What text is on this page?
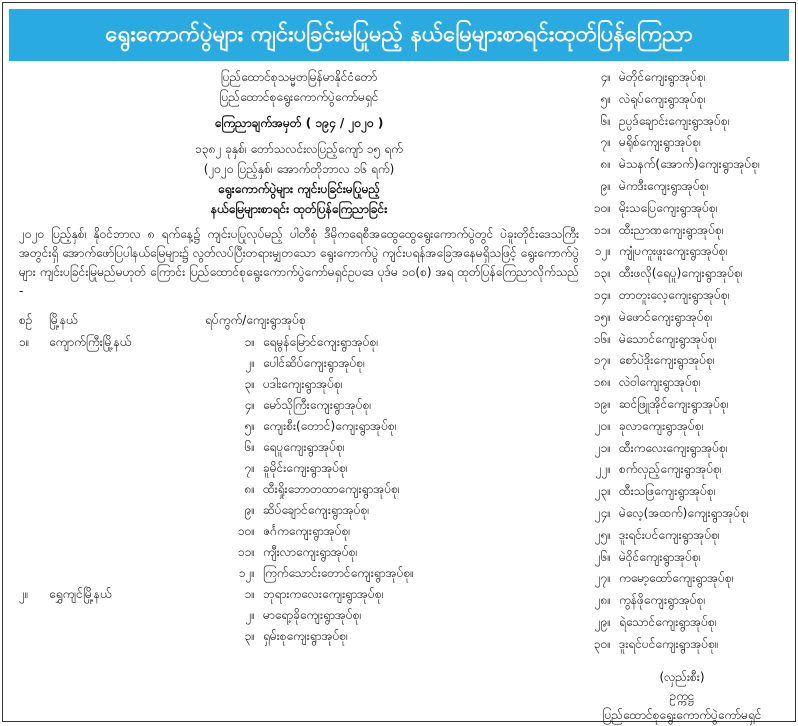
ရွေးကောက်ပွဲများ ကျင်းပခြင်းမပြုမည့် နယ်မြေများစာရင်းထုတ်ပြန်ကြေညာ
ပြည်ထောင်စုသမ္မတမြန်မာနိုင်ငံတော်
ပြည်ထောင်စုရွေးကောက်ပွဲကော်မရှင်
ကြေညာချက်အမှတ် ( ၁၉၄ / ၂၀၂၀ )
၁၃၈၂ ခုနှစ်၊ တော်သလင်းလပြည့်ကျော် ၁၅ ရက်
(၂၀၂၀ ပြည့်နှစ်၊ အောက်တိုဘာလ ၁၆ ရက်)
ရွေးကောက်ပွဲများ ကျင်းပခြင်းမပြုမည့်
နယ်မြေများစာရင်း ထုတ်ပြန်ကြေညာခြင်း
၂၀၂၀ ပြည့်နှစ်၊ နိုဝင်ဘာလ ၈ ရက်နေ့၌ ကျင်းပပြုလုပ်မည့် ပါတီစုံ ဒီမိုကရေစီအထွေထွေရွေးကောက်ပွဲတွင် ပဲခူးတိုင်းဒေသကြီးအတွင်းရှိ အောက်ဖော်ပြပါနယ်မြေများ၌ လွတ်လပ်ပြီးတရားမျှတသော ရွေးကောက်ပွဲ ကျင်းပရန်အခြေအနေမရှိသဖြင့် ရွေးကောက်ပွဲများ ကျင်းပခြင်းမြုမည်မဟုတ် ကြောင်း ပြည်ထောင်စုရွေးကောက်ပွဲကော်မရှင်ဥပဒေ ပုဒ်မ ၁၀(စ) အရ ထုတ်ပြန်ကြေညာလိုက်သည် -
စဉ်	မြို့နယ်	ရပ်ကွက်/ကျေးရွာအုပ်စု
၁။	ကျောက်ကြီးမြို့နယ်	၁။ ရေမွန်မြောင်ကျေးရွာအုပ်စု၊
၂။ ပေါင်ဆိပ်ကျေးရွာအုပ်စု၊
၃။ ပဒါးကျေးရွာအုပ်စု၊
၄။ မော်သိုကြီးကျေးရွာအုပ်စု၊
၅။ ကျေးစီး(တောင်)ကျေးရွာအုပ်စု၊
၆။ ရေပူကျေးရွာအုပ်စု၊
၇။ ခူမိုင်းကျေးရွာအုပ်စု၊
၈။ ထီးရှိုးဘောတထာကျေးရွာအုပ်စု၊
၉။ ဆိပ်ချောင်ကျေးရွာအုပ်စု၊
၁၀။ ဇင်္ဂကကျေးရွာအုပ်စု၊
၁၁။ ကျီးလာကျေးရွာအုပ်စု၊
၁၂။ ကြက်သောင်းတောင်ကျေးရွာအုပ်စု။
၂။	ရွှေကျင်မြို့နယ်	၁။ ဘုရားကလေးကျေးရွာအုပ်စု၊
၂။ မာရော့ခိုကျေးရွာအုပ်စု၊
၃။ ရှမ်းစုကျေးရွာအုပ်စု၊
၄။ မဲတိုင်ကျေးရွာအုပ်စု၊
၅။ လဲရုပ်ကျေးရွာအုပ်စု၊
၆။ ဥပ္ပဒ်ချောင်းကျေးရွာအုပ်စု၊
၇။ မရိုစ်ကျေးရွာအုပ်စု၊
၈။ မဲသနက်(အောက်)ကျေးရွာအုပ်စု၊
၉။ မဲကဒီးကျေးရွာအုပ်စု၊
၁၀။ မိုးသပြေကျေးရွာအုပ်စု၊
၁၁။ ထီးညာဏကျေးရွာအုပ်စု၊
၁၂။ ကျုံပကူးဖူးကျေးရွာအုပ်စု၊
၁၃။ ထီးဖလို(ရေပူ)ကျေးရွာအုပ်စု၊
၁၄။ တာတူးလေ့ကျေးရွာအုပ်စု၊
၁၅။ မဲဖောင်ကျေးရွာအုပ်စု၊
၁၆။ မဲသောင်ကျေးရွာအုပ်စု၊
၁၇။ စော်ပဲဒိုးကျေးရွာအုပ်စု၊
၁၈။ လဲဝါကျေးရွာအုပ်စု၊
၁၉။ ဆင်ဖြူအိုင်ကျေးရွာအုပ်စု၊
၂၀။ ခုလာကျေးရွာအုပ်စု၊
၂၁။ ထီးကလေးကျေးရွာအုပ်စု၊
၂၂။ စက်လှည့်ကျေးရွာအုပ်စု၊
၂၃။ ထီးသဖြကျေးရွာအုပ်စု၊
၂၄။ မဲလေ့(အထက်)ကျေးရွာအုပ်စု၊
၂၅။ ဒူးရင်းပင်ကျေးရွာအုပ်စု၊
၂၆။ မဲဝိုင်ကျေးရွာအုပ်စု၊
၂၇။ ကမော့ထော်ကျေးရွာအုပ်စု၊
၂၈။ ကွန်ဖိုကျေးရွာအုပ်စု၊
၂၉။ ရဲသောင်ကျေးရွာအုပ်စု၊
၃၀။ ဒူးရင်ပင်ကျေးရွာအုပ်စု။
(လှည်းစီး)
ဥက္ကဋ္ဌ
ပြည်ထောင်စုရွေးကောက်ပွဲကော်မရှင်
